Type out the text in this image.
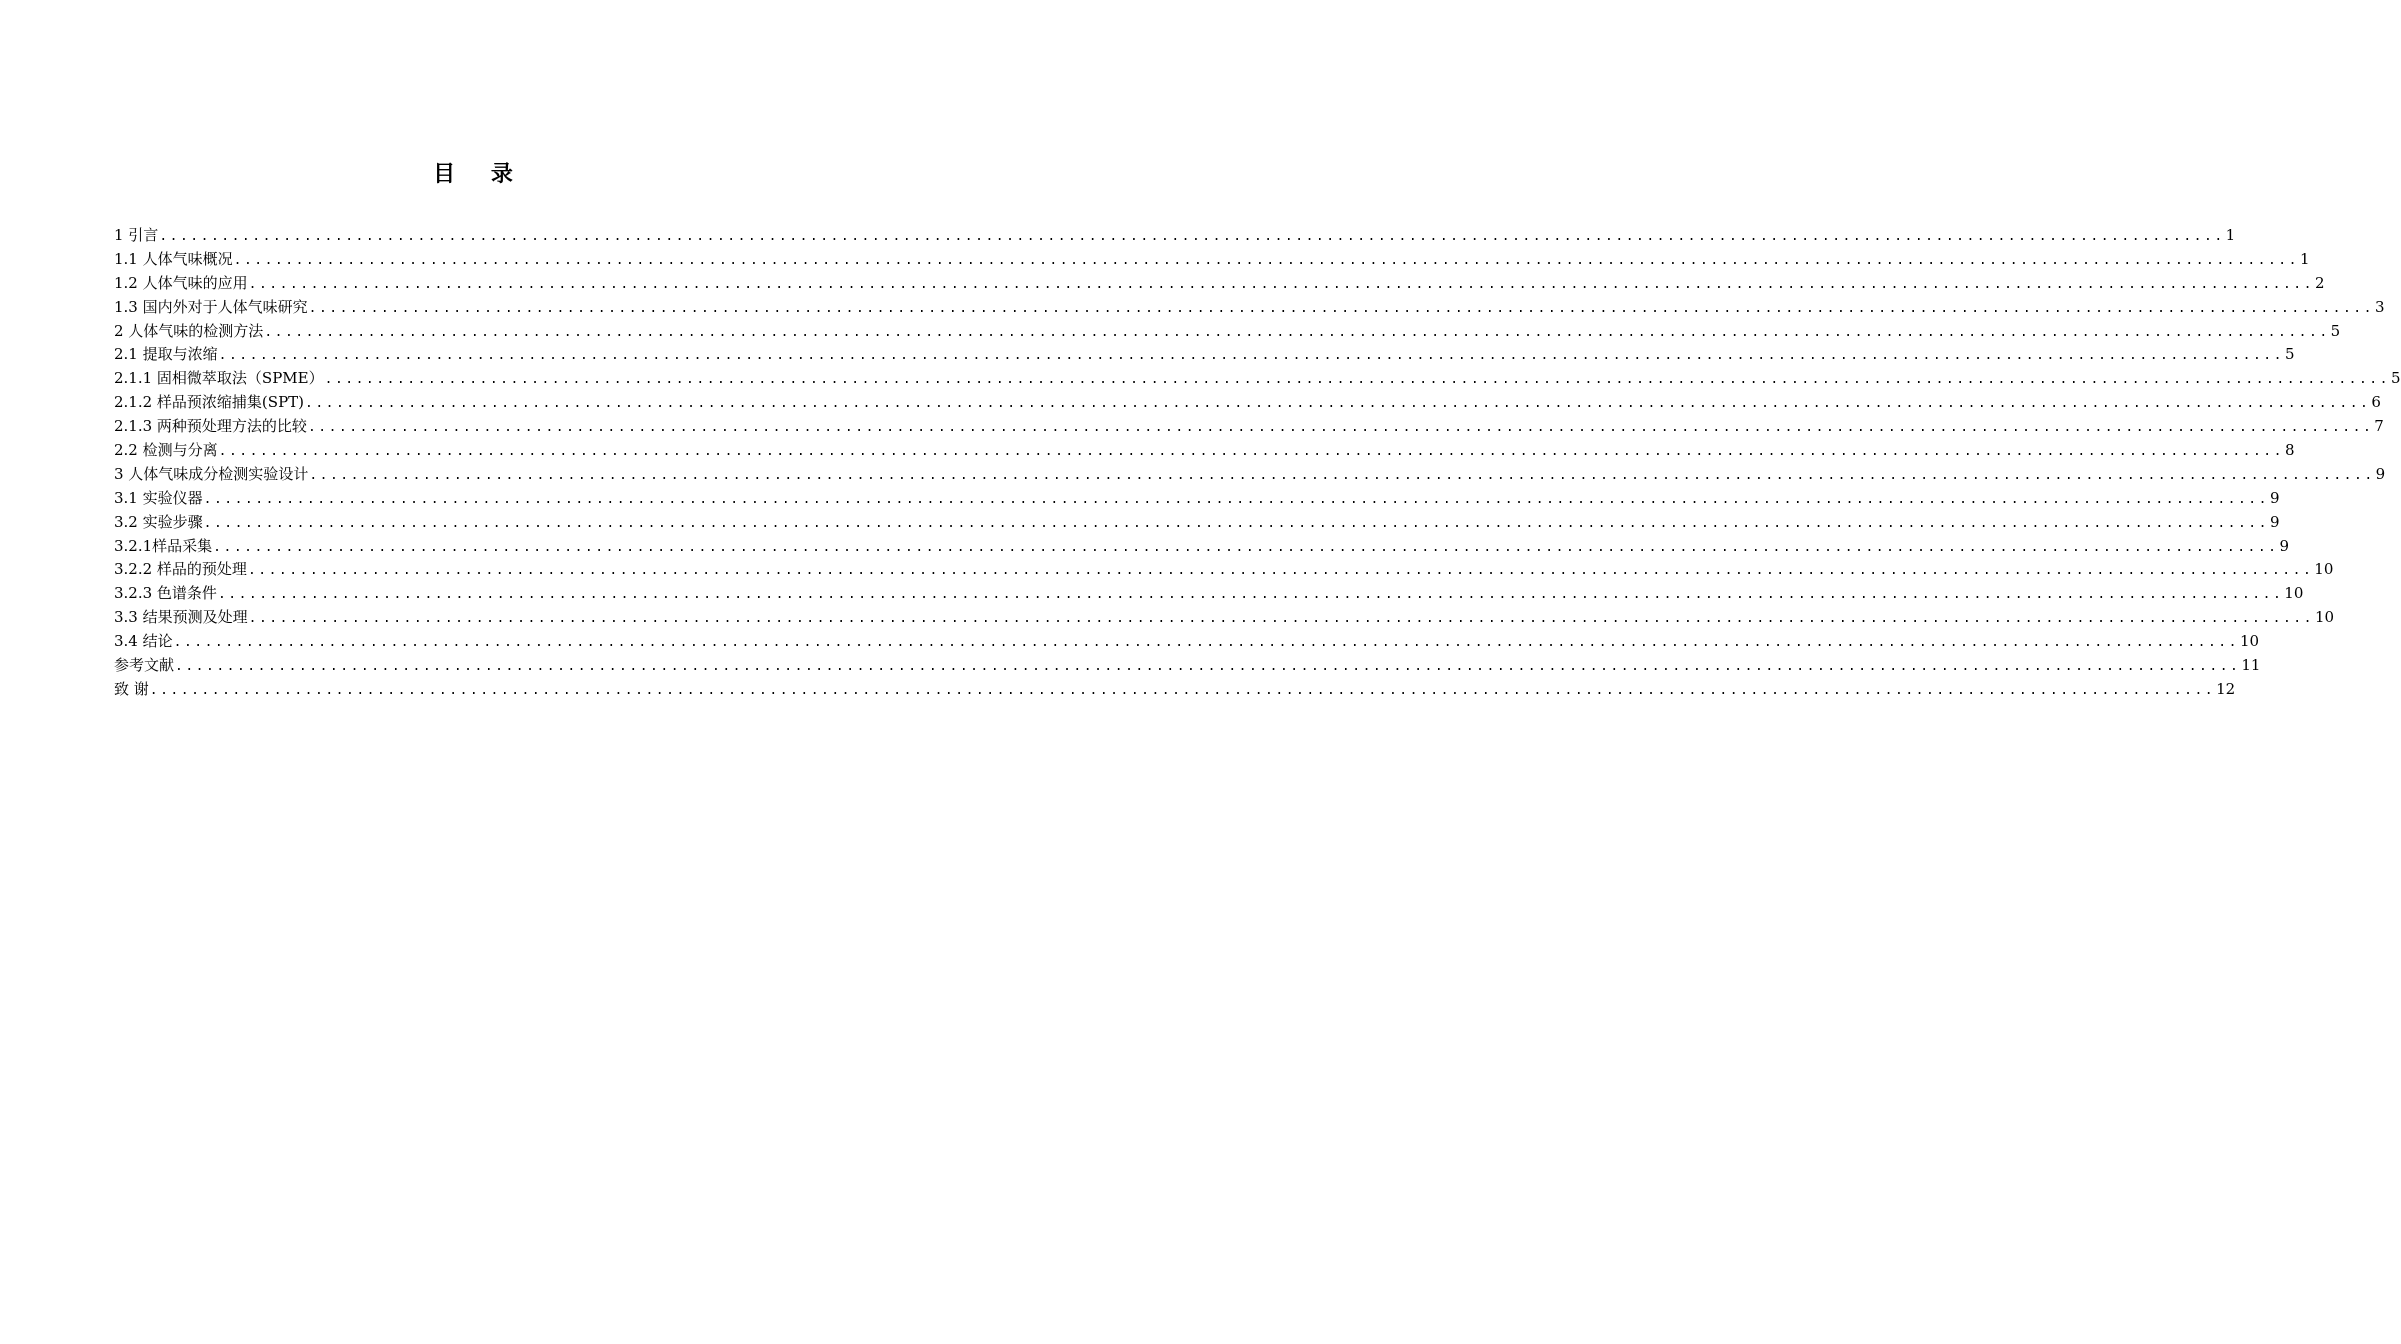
目 录
1 引言 ........................................................................................................................................................................................................ 1
1.1 人体气味概况 ........................................................................................................................................................................................................ 1
1.2 人体气味的应用 ........................................................................................................................................................................................................ 2
1.3 国内外对于人体气味研究 ........................................................................................................................................................................................................ 3
2 人体气味的检测方法 ........................................................................................................................................................................................................ 5
2.1 提取与浓缩 ........................................................................................................................................................................................................ 5
2.1.1 固相微萃取法（SPME） ........................................................................................................................................................................................................ 5
2.1.2 样品预浓缩捕集(SPT) ........................................................................................................................................................................................................ 6
2.1.3 两种预处理方法的比较 ........................................................................................................................................................................................................ 7
2.2 检测与分离 ........................................................................................................................................................................................................ 8
3 人体气味成分检测实验设计 ........................................................................................................................................................................................................ 9
3.1 实验仪器 ........................................................................................................................................................................................................ 9
3.2 实验步骤 ........................................................................................................................................................................................................ 9
3.2.1样品采集 ........................................................................................................................................................................................................ 9
3.2.2 样品的预处理 ........................................................................................................................................................................................................ 10
3.2.3 色谱条件 ........................................................................................................................................................................................................ 10
3.3 结果预测及处理 ........................................................................................................................................................................................................ 10
3.4 结论 ........................................................................................................................................................................................................ 10
参考文献 ........................................................................................................................................................................................................ 11
致 谢 ........................................................................................................................................................................................................ 12
